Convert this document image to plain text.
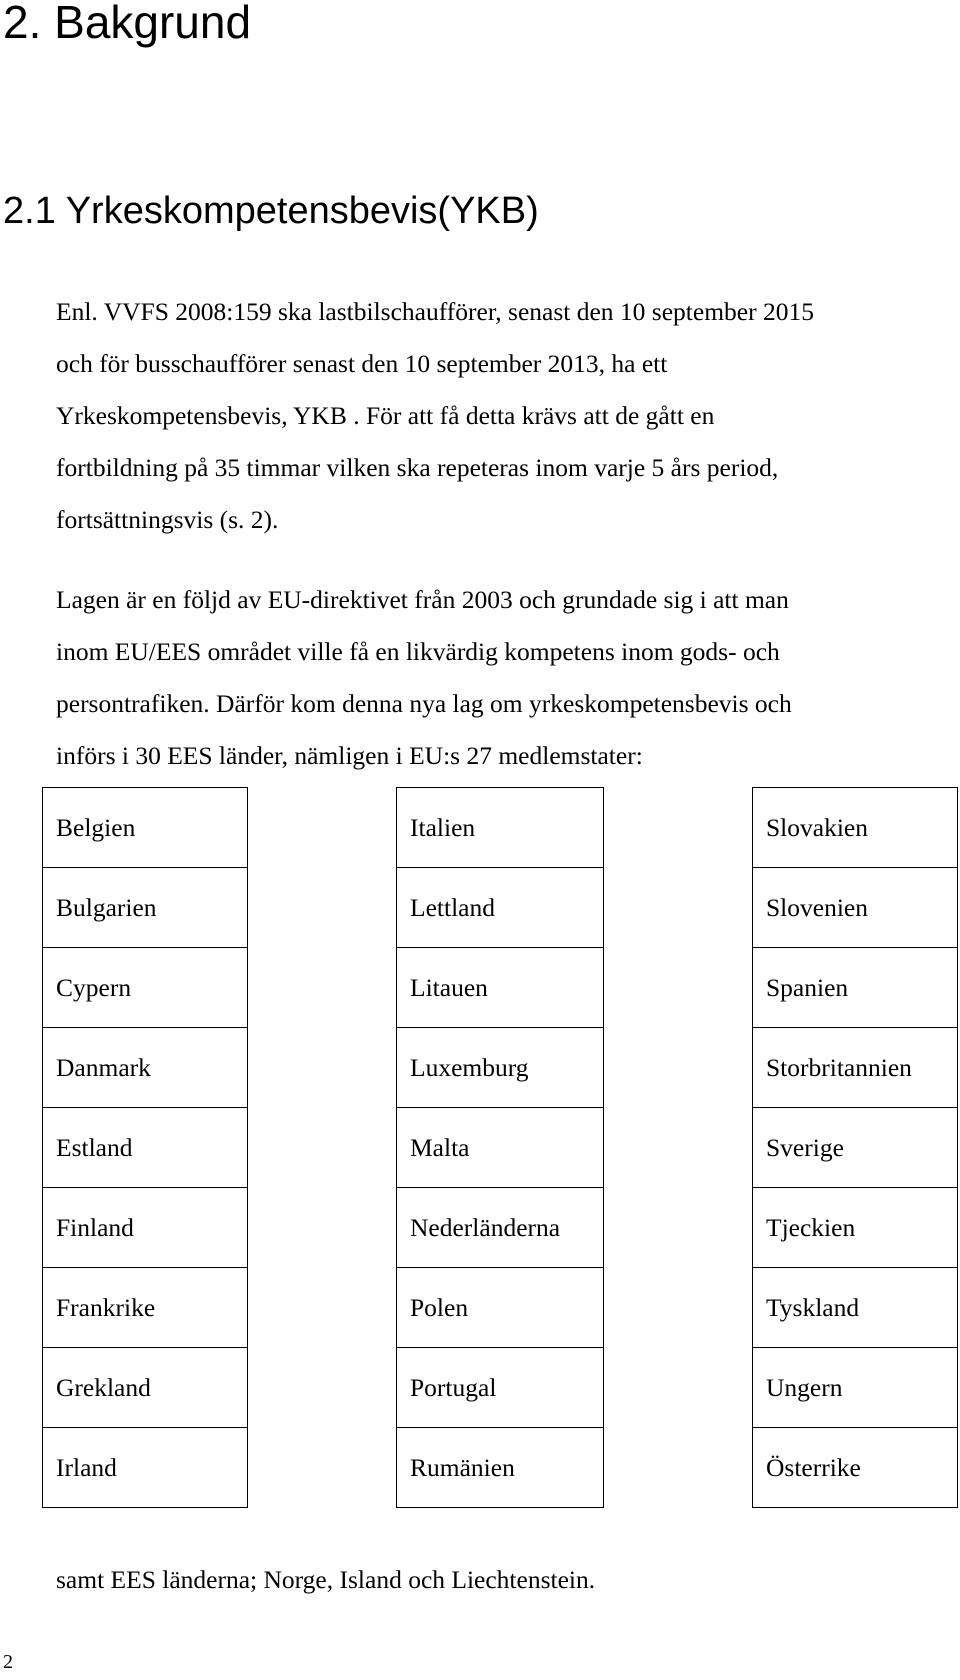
2. Bakgrund
2.1 Yrkeskompetensbevis(YKB)

Enl. VVFS 2008:159 ska lastbilschaufförer, senast den 10 september 2015
och för busschaufförer senast den 10 september 2013, ha ett
Yrkeskompetensbevis, YKB . För att få detta krävs att de gått en
fortbildning på 35 timmar vilken ska repeteras inom varje 5 års period,
fortsättningsvis (s. 2).

Lagen är en följd av EU-direktivet från 2003 och grundade sig i att man
inom EU/EES området ville få en likvärdig kompetens inom gods- och
persontrafiken. Därför kom denna nya lag om yrkeskompetensbevis och
införs i 30 EES länder, nämligen i EU:s 27 medlemstater:

Belgien		Italien		Slovakien
Bulgarien		Lettland		Slovenien
Cypern		Litauen		Spanien
Danmark		Luxemburg		Storbritannien
Estland		Malta		Sverige
Finland		Nederländerna		Tjeckien
Frankrike		Polen		Tyskland
Grekland		Portugal		Ungern
Irland		Rumänien		Österrike

samt EES länderna; Norge, Island och Liechtenstein.

2
